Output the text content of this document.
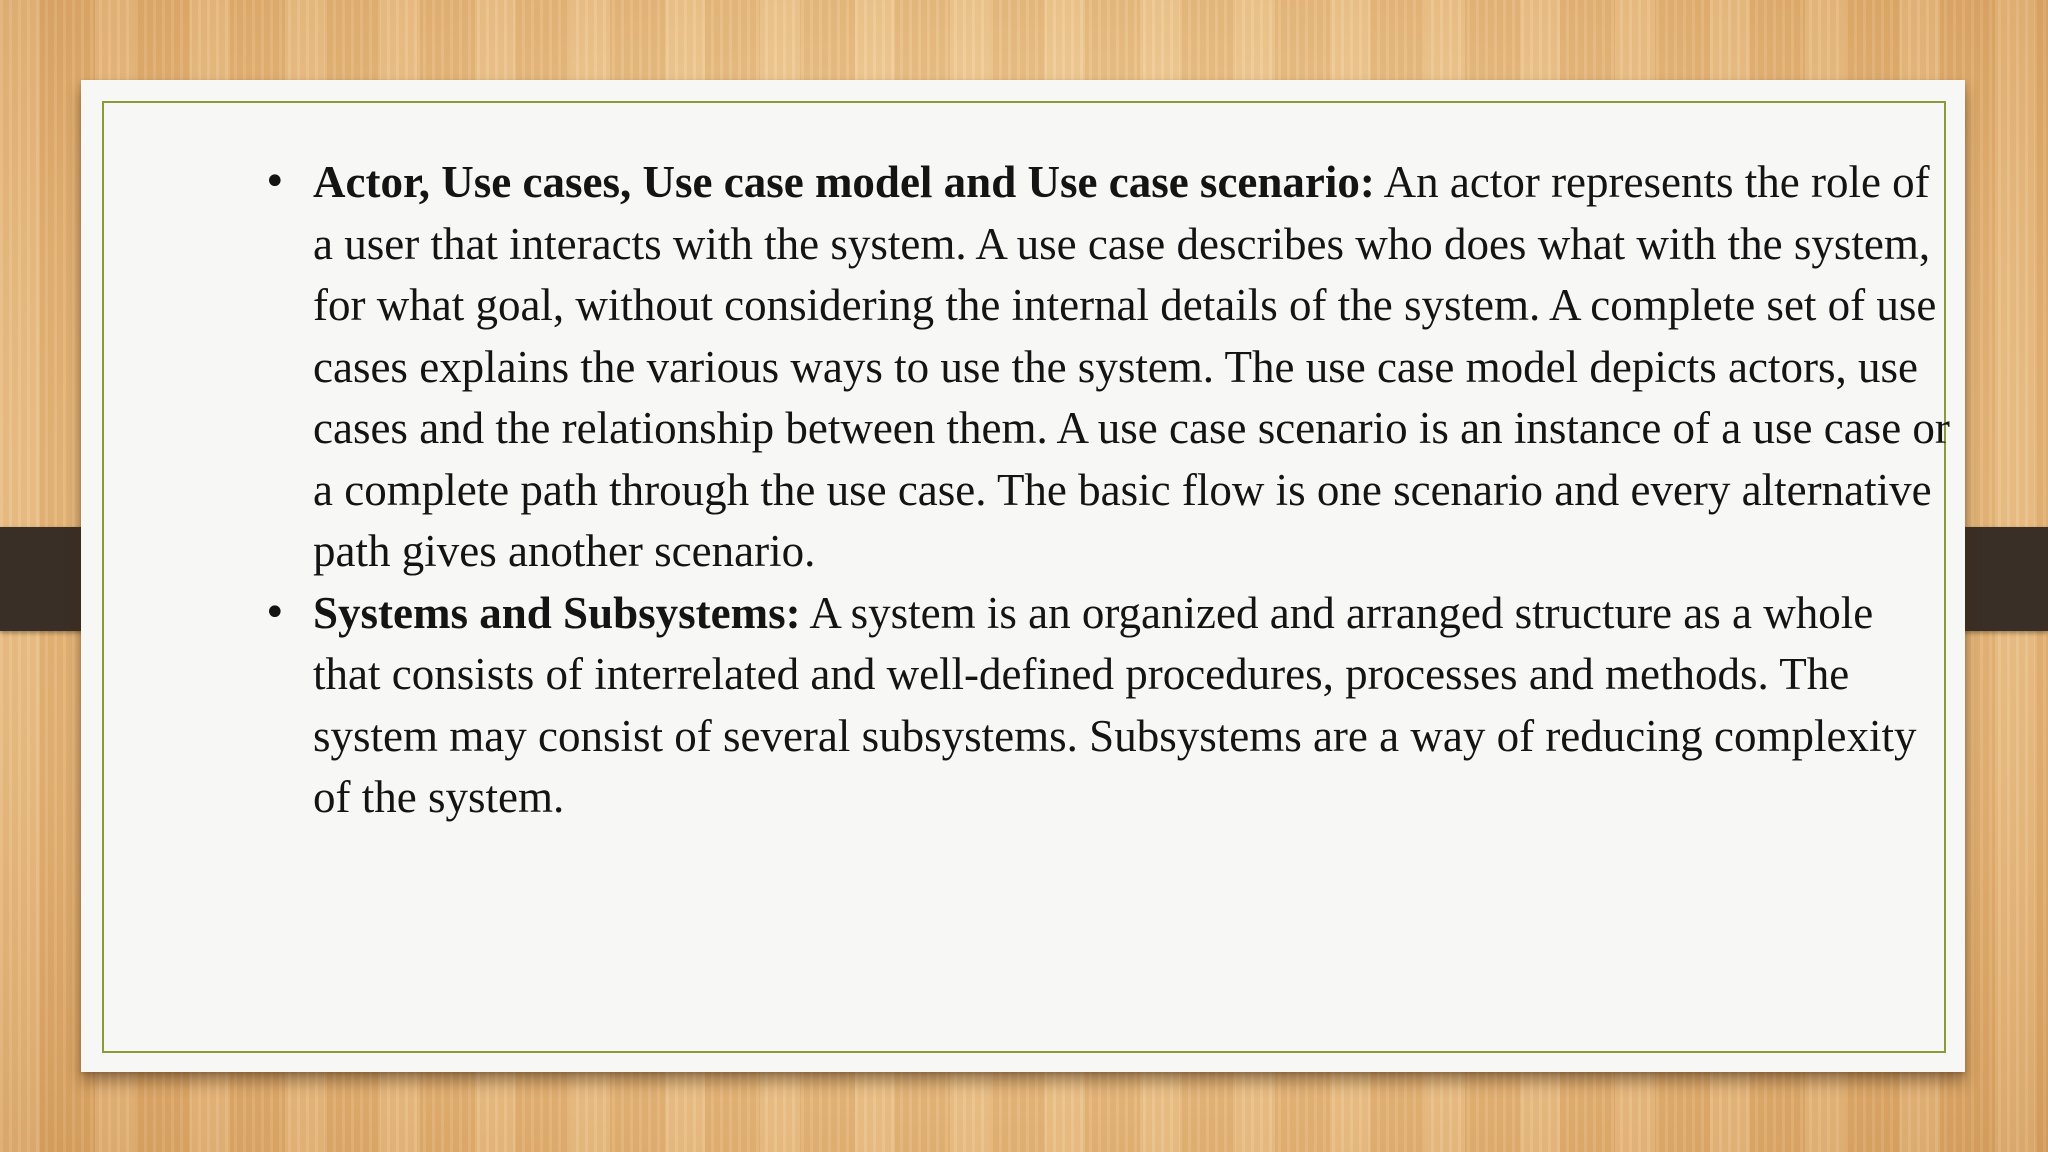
• Actor, Use cases, Use case model and Use case scenario: An actor represents the role of a user that interacts with the system. A use case describes who does what with the system, for what goal, without considering the internal details of the system. A complete set of use cases explains the various ways to use the system. The use case model depicts actors, use cases and the relationship between them. A use case scenario is an instance of a use case or a complete path through the use case. The basic flow is one scenario and every alternative path gives another scenario.

• Systems and Subsystems: A system is an organized and arranged structure as a whole that consists of interrelated and well-defined procedures, processes and methods. The system may consist of several subsystems. Subsystems are a way of reducing complexity of the system.
